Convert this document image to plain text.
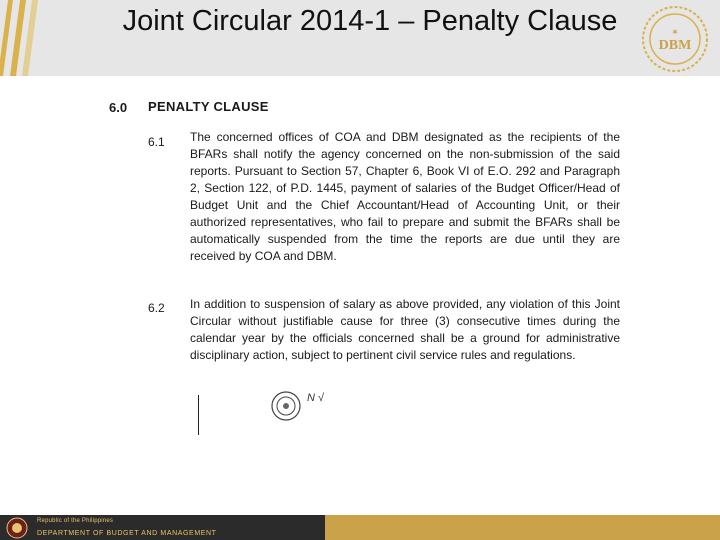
Joint Circular 2014-1 – Penalty Clause	✶
DBM
6.0 PENALTY CLAUSE
6.1 The concerned offices of COA and DBM designated as the recipients of the BFARs shall notify the agency concerned on the non-submission of the said reports. Pursuant to Section 57, Chapter 6, Book VI of E.O. 292 and Paragraph 2, Section 122, of P.D. 1445, payment of salaries of the Budget Officer/Head of Budget Unit and the Chief Accountant/Head of Accounting Unit, or their authorized representatives, who fail to prepare and submit the BFARs shall be automatically suspended from the time the reports are due until they are received by COA and DBM.
6.2 In addition to suspension of salary as above provided, any violation of this Joint Circular without justifiable cause for three (3) consecutive times during the calendar year by the officials concerned shall be a ground for administrative disciplinary action, subject to pertinent civil service rules and regulations.
N √
Republic of the Philippines
DEPARTMENT OF BUDGET AND MANAGEMENT
